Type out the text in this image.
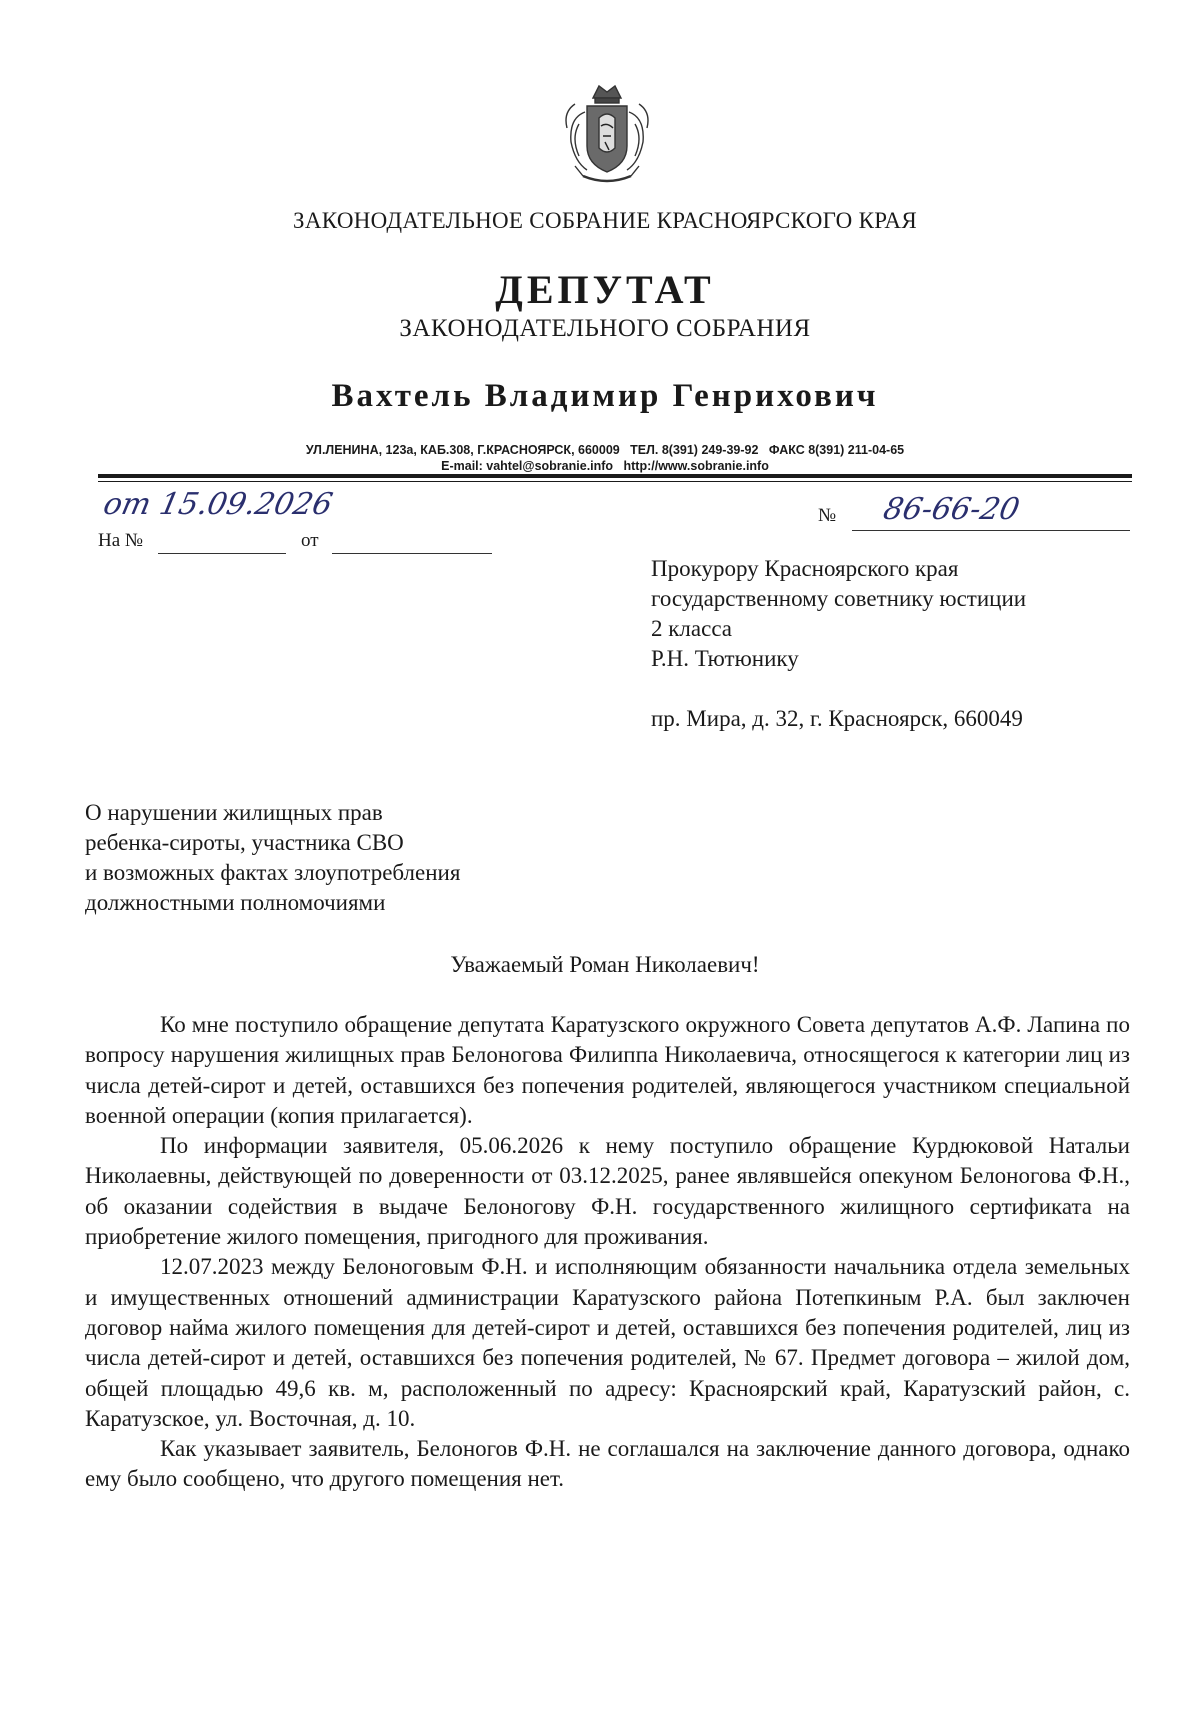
ЗАКОНОДАТЕЛЬНОЕ СОБРАНИЕ КРАСНОЯРСКОГО КРАЯ
ДЕПУТАТ
ЗАКОНОДАТЕЛЬНОГО СОБРАНИЯ
Вахтель Владимир Генрихович
УЛ.ЛЕНИНА, 123а, КАБ.308, Г.КРАСНОЯРСК, 660009   ТЕЛ. 8(391) 249-39-92   ФАКС 8(391) 211-04-65
E-mail: vahtel@sobranie.info   http://www.sobranie.info
от 15.09.2026	№ 86-66-20
На №	от
Прокурору Красноярского края
государственному советнику юстиции
2 класса
Р.Н. Тютюнику
пр. Мира, д. 32, г. Красноярск, 660049
О нарушении жилищных прав
ребенка-сироты, участника СВО
и возможных фактах злоупотребления
должностными полномочиями
Уважаемый Роман Николаевич!

Ко мне поступило обращение депутата Каратузского окружного Совета депутатов А.Ф. Лапина по вопросу нарушения жилищных прав Белоногова Филиппа Николаевича, относящегося к категории лиц из числа детей-сирот и детей, оставшихся без попечения родителей, являющегося участником специальной военной операции (копия прилагается).

По информации заявителя, 05.06.2026 к нему поступило обращение Курдюковой Натальи Николаевны, действующей по доверенности от 03.12.2025, ранее являвшейся опекуном Белоногова Ф.Н., об оказании содействия в выдаче Белоногову Ф.Н. государственного жилищного сертификата на приобретение жилого помещения, пригодного для проживания.

12.07.2023 между Белоноговым Ф.Н. и исполняющим обязанности начальника отдела земельных и имущественных отношений администрации Каратузского района Потепкиным Р.А. был заключен договор найма жилого помещения для детей-сирот и детей, оставшихся без попечения родителей, лиц из числа детей-сирот и детей, оставшихся без попечения родителей, № 67. Предмет договора – жилой дом, общей площадью 49,6 кв. м, расположенный по адресу: Красноярский край, Каратузский район, с. Каратузское, ул. Восточная, д. 10.

Как указывает заявитель, Белоногов Ф.Н. не соглашался на заключение данного договора, однако ему было сообщено, что другого помещения нет.
